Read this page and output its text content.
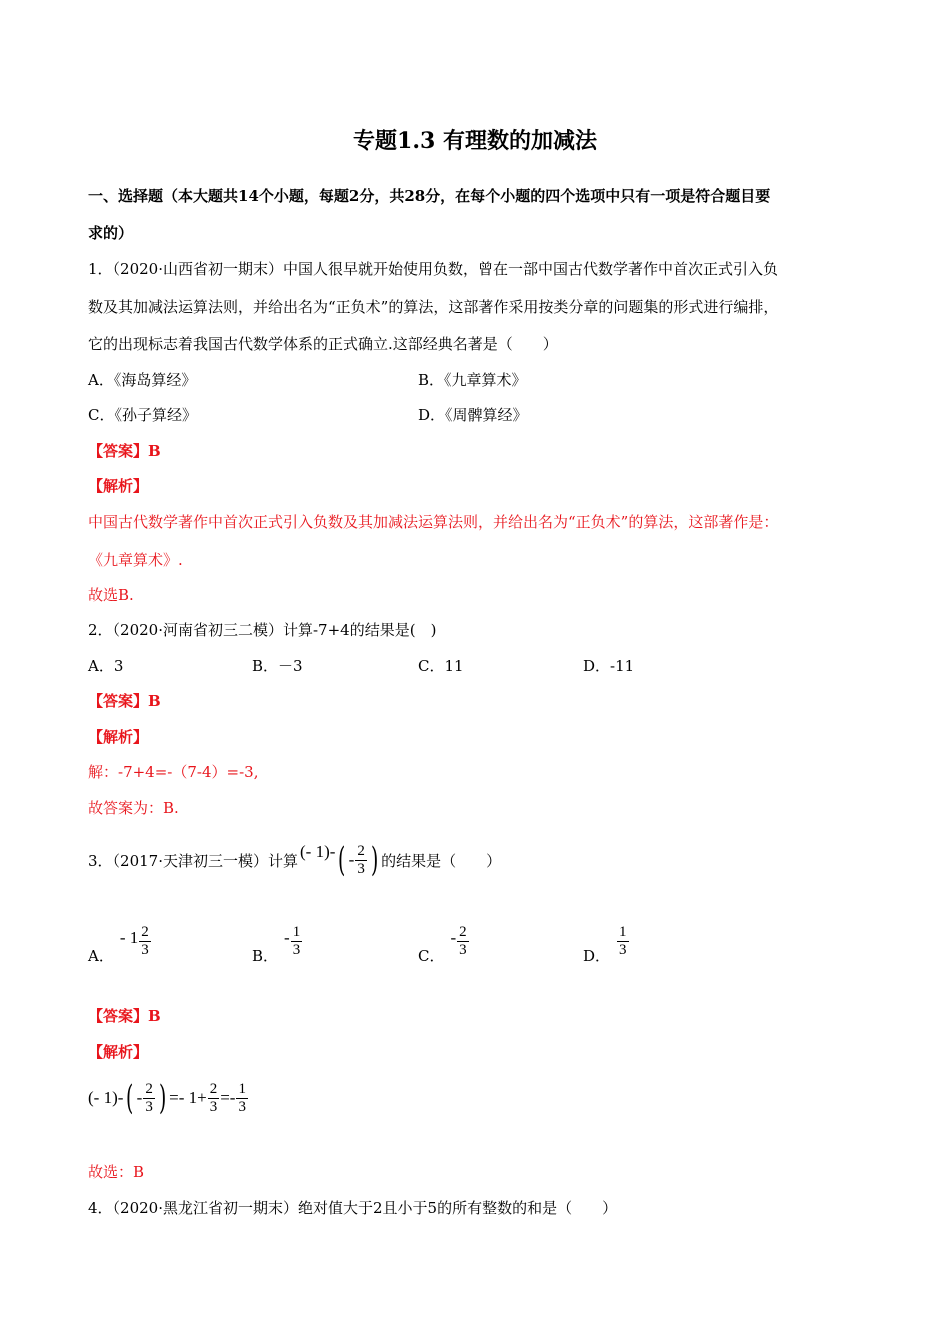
专题1.3 有理数的加减法
一、选择题（本大题共14个小题，每题2分，共28分，在每个小题的四个选项中只有一项是符合题目要
求的）
1．（2020·山西省初一期末）中国人很早就开始使用负数，曾在一部中国古代数学著作中首次正式引入负
数及其加减法运算法则，并给出名为“正负术”的算法，这部著作采用按类分章的问题集的形式进行编排，
它的出现标志着我国古代数学体系的正式确立.这部经典名著是（　　）
A．《海岛算经》	B．《九章算术》
C．《孙子算经》	D．《周髀算经》
【答案】B
【解析】
中国古代数学著作中首次正式引入负数及其加减法运算法则，并给出名为“正负术”的算法，这部著作是：
《九章算术》.
故选B.
2．（2020·河南省初三二模）计算-7+4的结果是(　)
A．3	B．－3	C．11	D．-11
【答案】B
【解析】
解：-7+4=-（7-4）=-3,
故答案为：B.
3．（2017·天津初三一模）计算 (- 1)- ( - $\frac{2}{3}$ ) 的结果是（　　）
A．
- $1 \frac{2}{3}$	B．
- $\frac{1}{3}$	C．
- $\frac{2}{3}$	D． $\frac{1}{3}$
【答案】B
【解析】
(- 1)- ( - $\frac{2}{3}$ ) =- $1+ \frac{2}{3} =- \frac{1}{3}$
故选：B
4．（2020·黑龙江省初一期末）绝对值大于2且小于5的所有整数的和是（　　）
